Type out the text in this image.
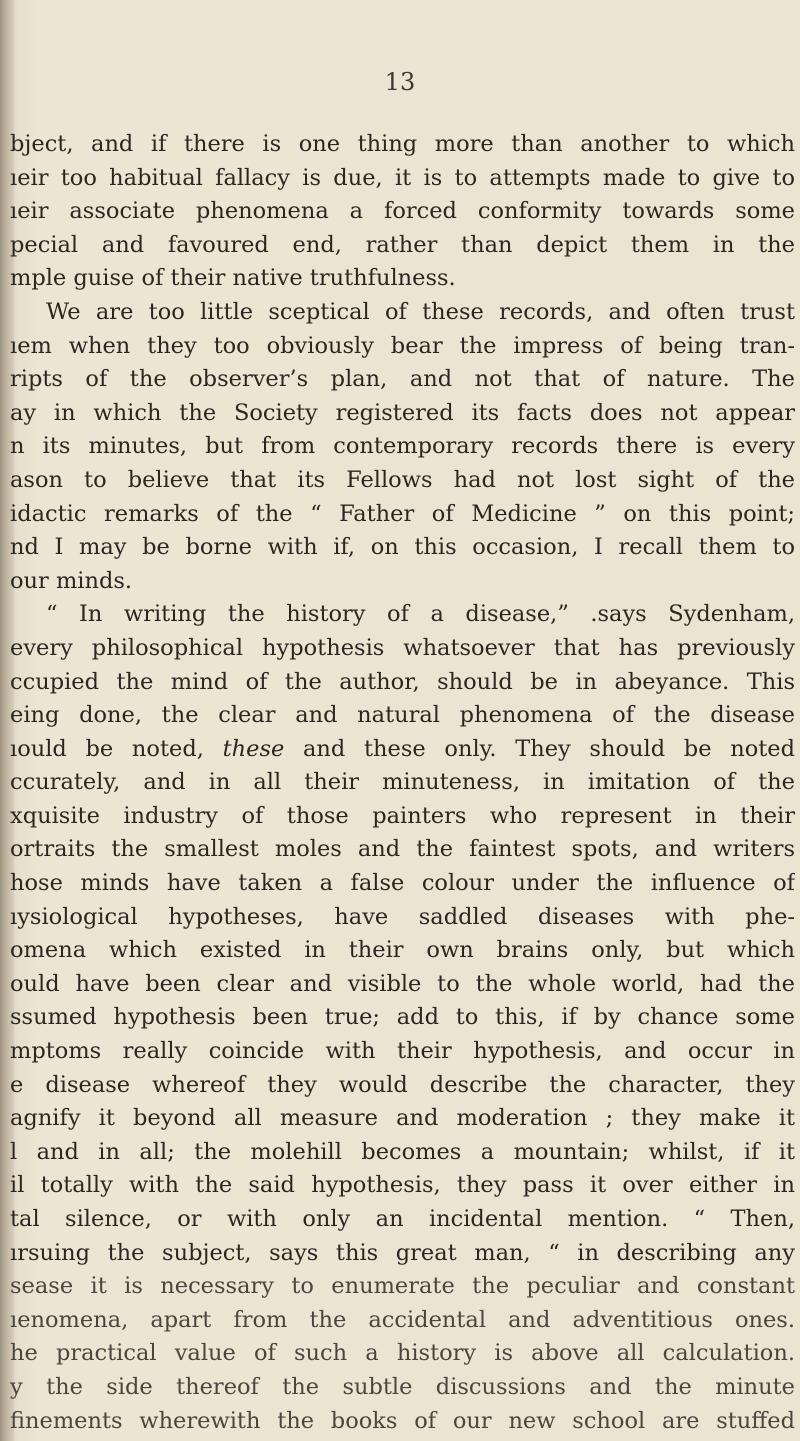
13
bject, and if there is one thing more than another to which
ıeir too habitual fallacy is due, it is to attempts made to give to
ıeir associate phenomena a forced conformity towards some
pecial and favoured end, rather than depict them in the
mple guise of their native truthfulness.
We are too little sceptical of these records, and often trust
ıem when they too obviously bear the impress of being tran-
ripts of the observer’s plan, and not that of nature. The
ay in which the Society registered its facts does not appear
n its minutes, but from contemporary records there is every
ason to believe that its Fellows had not lost sight of the
idactic remarks of the “ Father of Medicine ” on this point;
nd I may be borne with if, on this occasion, I recall them to
our minds.
“ In writing the history of a disease,” .says Sydenham,
every philosophical hypothesis whatsoever that has previously
ccupied the mind of the author, should be in abeyance. This
eing done, the clear and natural phenomena of the disease
ıould be noted, these and these only. They should be noted
ccurately, and in all their minuteness, in imitation of the
xquisite industry of those painters who represent in their
ortraits the smallest moles and the faintest spots, and writers
hose minds have taken a false colour under the influence of
ıysiological hypotheses, have saddled diseases with phe-
omena which existed in their own brains only, but which
ould have been clear and visible to the whole world, had the
ssumed hypothesis been true; add to this, if by chance some
mptoms really coincide with their hypothesis, and occur in
e disease whereof they would describe the character, they
agnify it beyond all measure and moderation ; they make it
l and in all; the molehill becomes a mountain; whilst, if it
il totally with the said hypothesis, they pass it over either in
tal silence, or with only an incidental mention. “ Then,
ırsuing the subject, says this great man, “ in describing any
sease it is necessary to enumerate the peculiar and constant
ıenomena, apart from the accidental and adventitious ones.
he practical value of such a history is above all calculation.
y the side thereof the subtle discussions and the minute
finements wherewith the books of our new school are stuffed
